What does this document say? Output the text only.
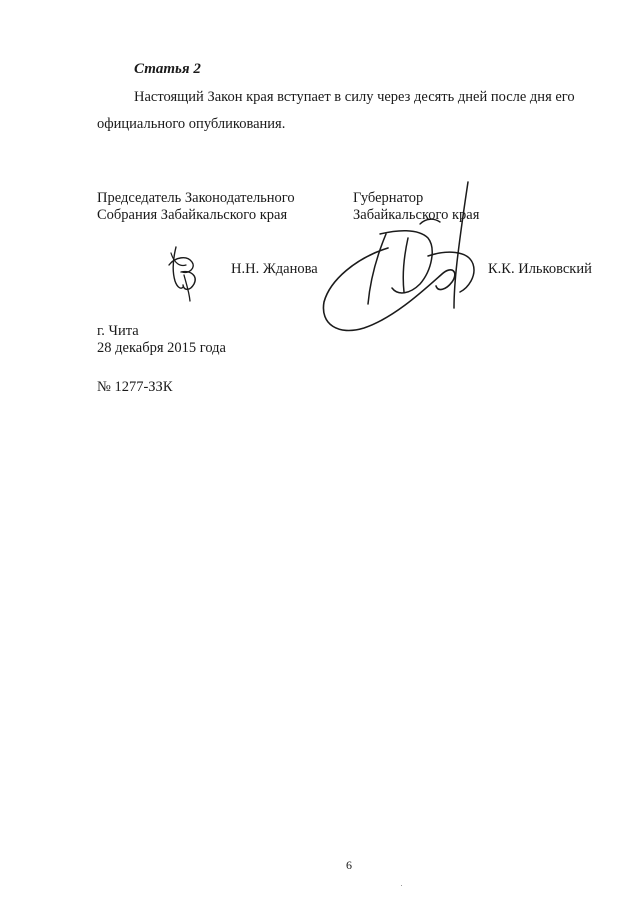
Статья 2
Настоящий Закон края вступает в силу через десять дней после дня его
официального опубликования.
Председатель Законодательного
Собрания Забайкальского края
Губернатор
Забайкальского края
Н.Н. Жданова	К.К. Ильковский
г. Чита
28 декабря 2015 года
№ 1277-ЗЗК
6
